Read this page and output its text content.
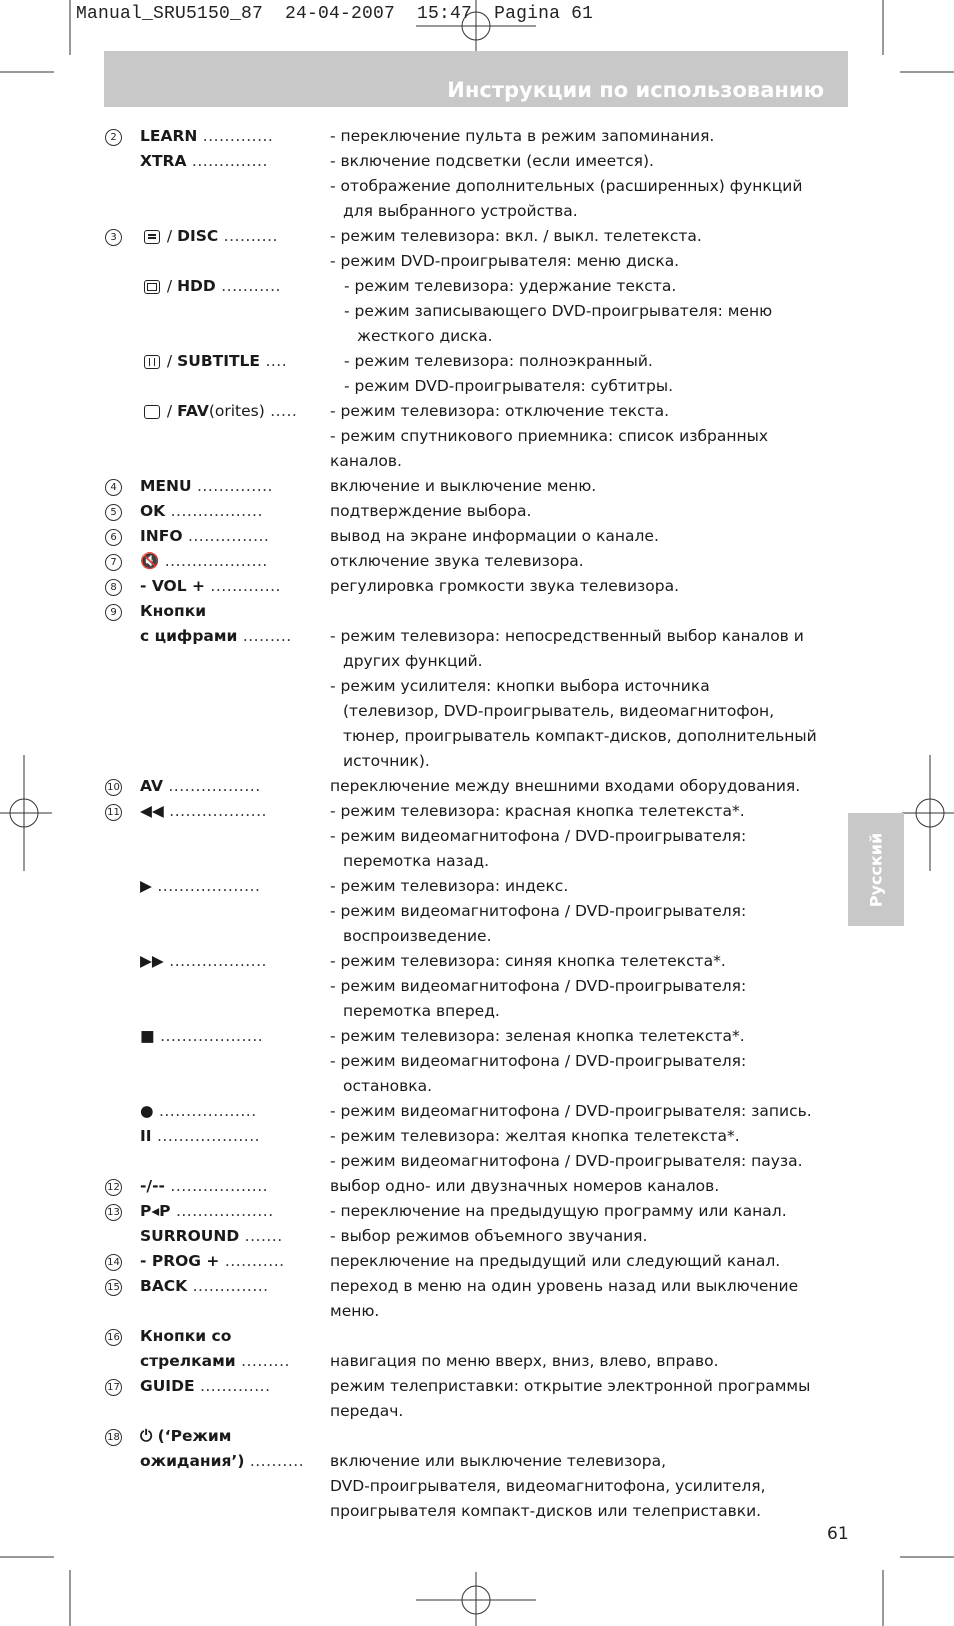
Manual_SRU5150_87  24-04-2007  15:47  Pagina 61
Инструкции по использованию
Русский
2	LEARN .............	- переключение пульта в режим запоминания.
XTRA ..............	- включение подсветки (если имеется).
- отображение дополнительных (расширенных) функций
для выбранного устройства.
3	/ DISC ..........	- режим телевизора: вкл. / выкл. телетекста.
- режим DVD-проигрывателя: меню диска.
/ HDD ...........	- режим телевизора: удержание текста.
- режим записывающего DVD-проигрывателя: меню
жесткого диска.
/ SUBTITLE ....	- режим телевизора: полноэкранный.
- режим DVD-проигрывателя: субтитры.
/ FAV(orites) ..... - режим телевизора: отключение текста.
- режим спутникового приемника: список избранных
каналов.
4	MENU ..............	включение и выключение меню.
5	OK .................	подтверждение выбора.
6	INFO ...............	вывод на экране информации о канале.
7	🔇 ...................	отключение звука телевизора.
8	- VOL + .............	регулировка громкости звука телевизора.
9	Кнопки
с цифрами ......... - режим телевизора: непосредственный выбор каналов и
других функций.
- режим усилителя: кнопки выбора источника
(телевизор, DVD-проигрыватель, видеомагнитофон,
тюнер, проигрыватель компакт-дисков, дополнительный
источник).
10 AV .................	переключение между внешними входами оборудования.
11 ◀◀ ..................	- режим телевизора: красная кнопка телетекста*.
- режим видеомагнитофона / DVD-проигрывателя:
перемотка назад.
▶ ...................	- режим телевизора: индекс.
- режим видеомагнитофона / DVD-проигрывателя:
воспроизведение.
▶▶ ..................	- режим телевизора: синяя кнопка телетекста*.
- режим видеомагнитофона / DVD-проигрывателя:
перемотка вперед.
■ ...................	- режим телевизора: зеленая кнопка телетекста*.
- режим видеомагнитофона / DVD-проигрывателя:
остановка.
● ..................	- режим видеомагнитофона / DVD-проигрывателя: запись.
II ...................	- режим телевизора: желтая кнопка телетекста*.
- режим видеомагнитофона / DVD-проигрывателя: пауза.
12 -/-- ..................	выбор одно- или двузначных номеров каналов.
13 P◂P ..................	- переключение на предыдущую программу или канал.
SURROUND .......	- выбор режимов объемного звучания.
14 - PROG + ...........	переключение на предыдущий или следующий канал.
15 BACK ..............	переход в меню на один уровень назад или выключение
меню.
16 Кнопки со
стрелками .........	навигация по меню вверх, вниз, влево, вправо.
17 GUIDE .............	режим телеприставки: открытие электронной программы
передач.
18 ⏻ (‘Режим
ожидания’) .......... включение или выключение телевизора,
DVD-проигрывателя, видеомагнитофона, усилителя,
проигрывателя компакт-дисков или телеприставки.
61
